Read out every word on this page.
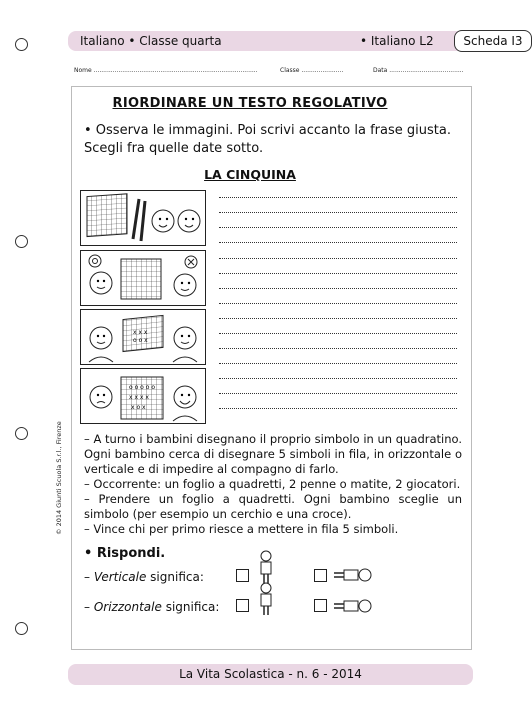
Italiano • Classe quarta	• Italiano L2	Scheda I3
Nome ......................................................................................	Classe ......................	Data .......................................
© 2014 Giunti Scuola S.r.l., Firenze
RIORDINARE UN TESTO REGOLATIVO
• Osserva le immagini. Poi scrivi accanto la frase giusta.
Scegli fra quelle date sotto.
LA CINQUINA
x x x
o o x
o o o o o
x x x x
x o x

– A turno i bambini disegnano il proprio simbolo in un quadratino. Ogni bambino cerca di disegnare 5 simboli in fila, in orizzontale o verticale e di impedire al compagno di farlo.

– Occorrente: un foglio a quadretti, 2 penne o matite, 2 giocatori.

– Prendere un foglio a quadretti. Ogni bambino sceglie un simbolo (per esempio un cerchio e una croce).

– Vince chi per primo riesce a mettere in fila 5 simboli.

• Rispondi.
– Verticale significa:
– Orizzontale significa:
La Vita Scolastica - n. 6 - 2014
